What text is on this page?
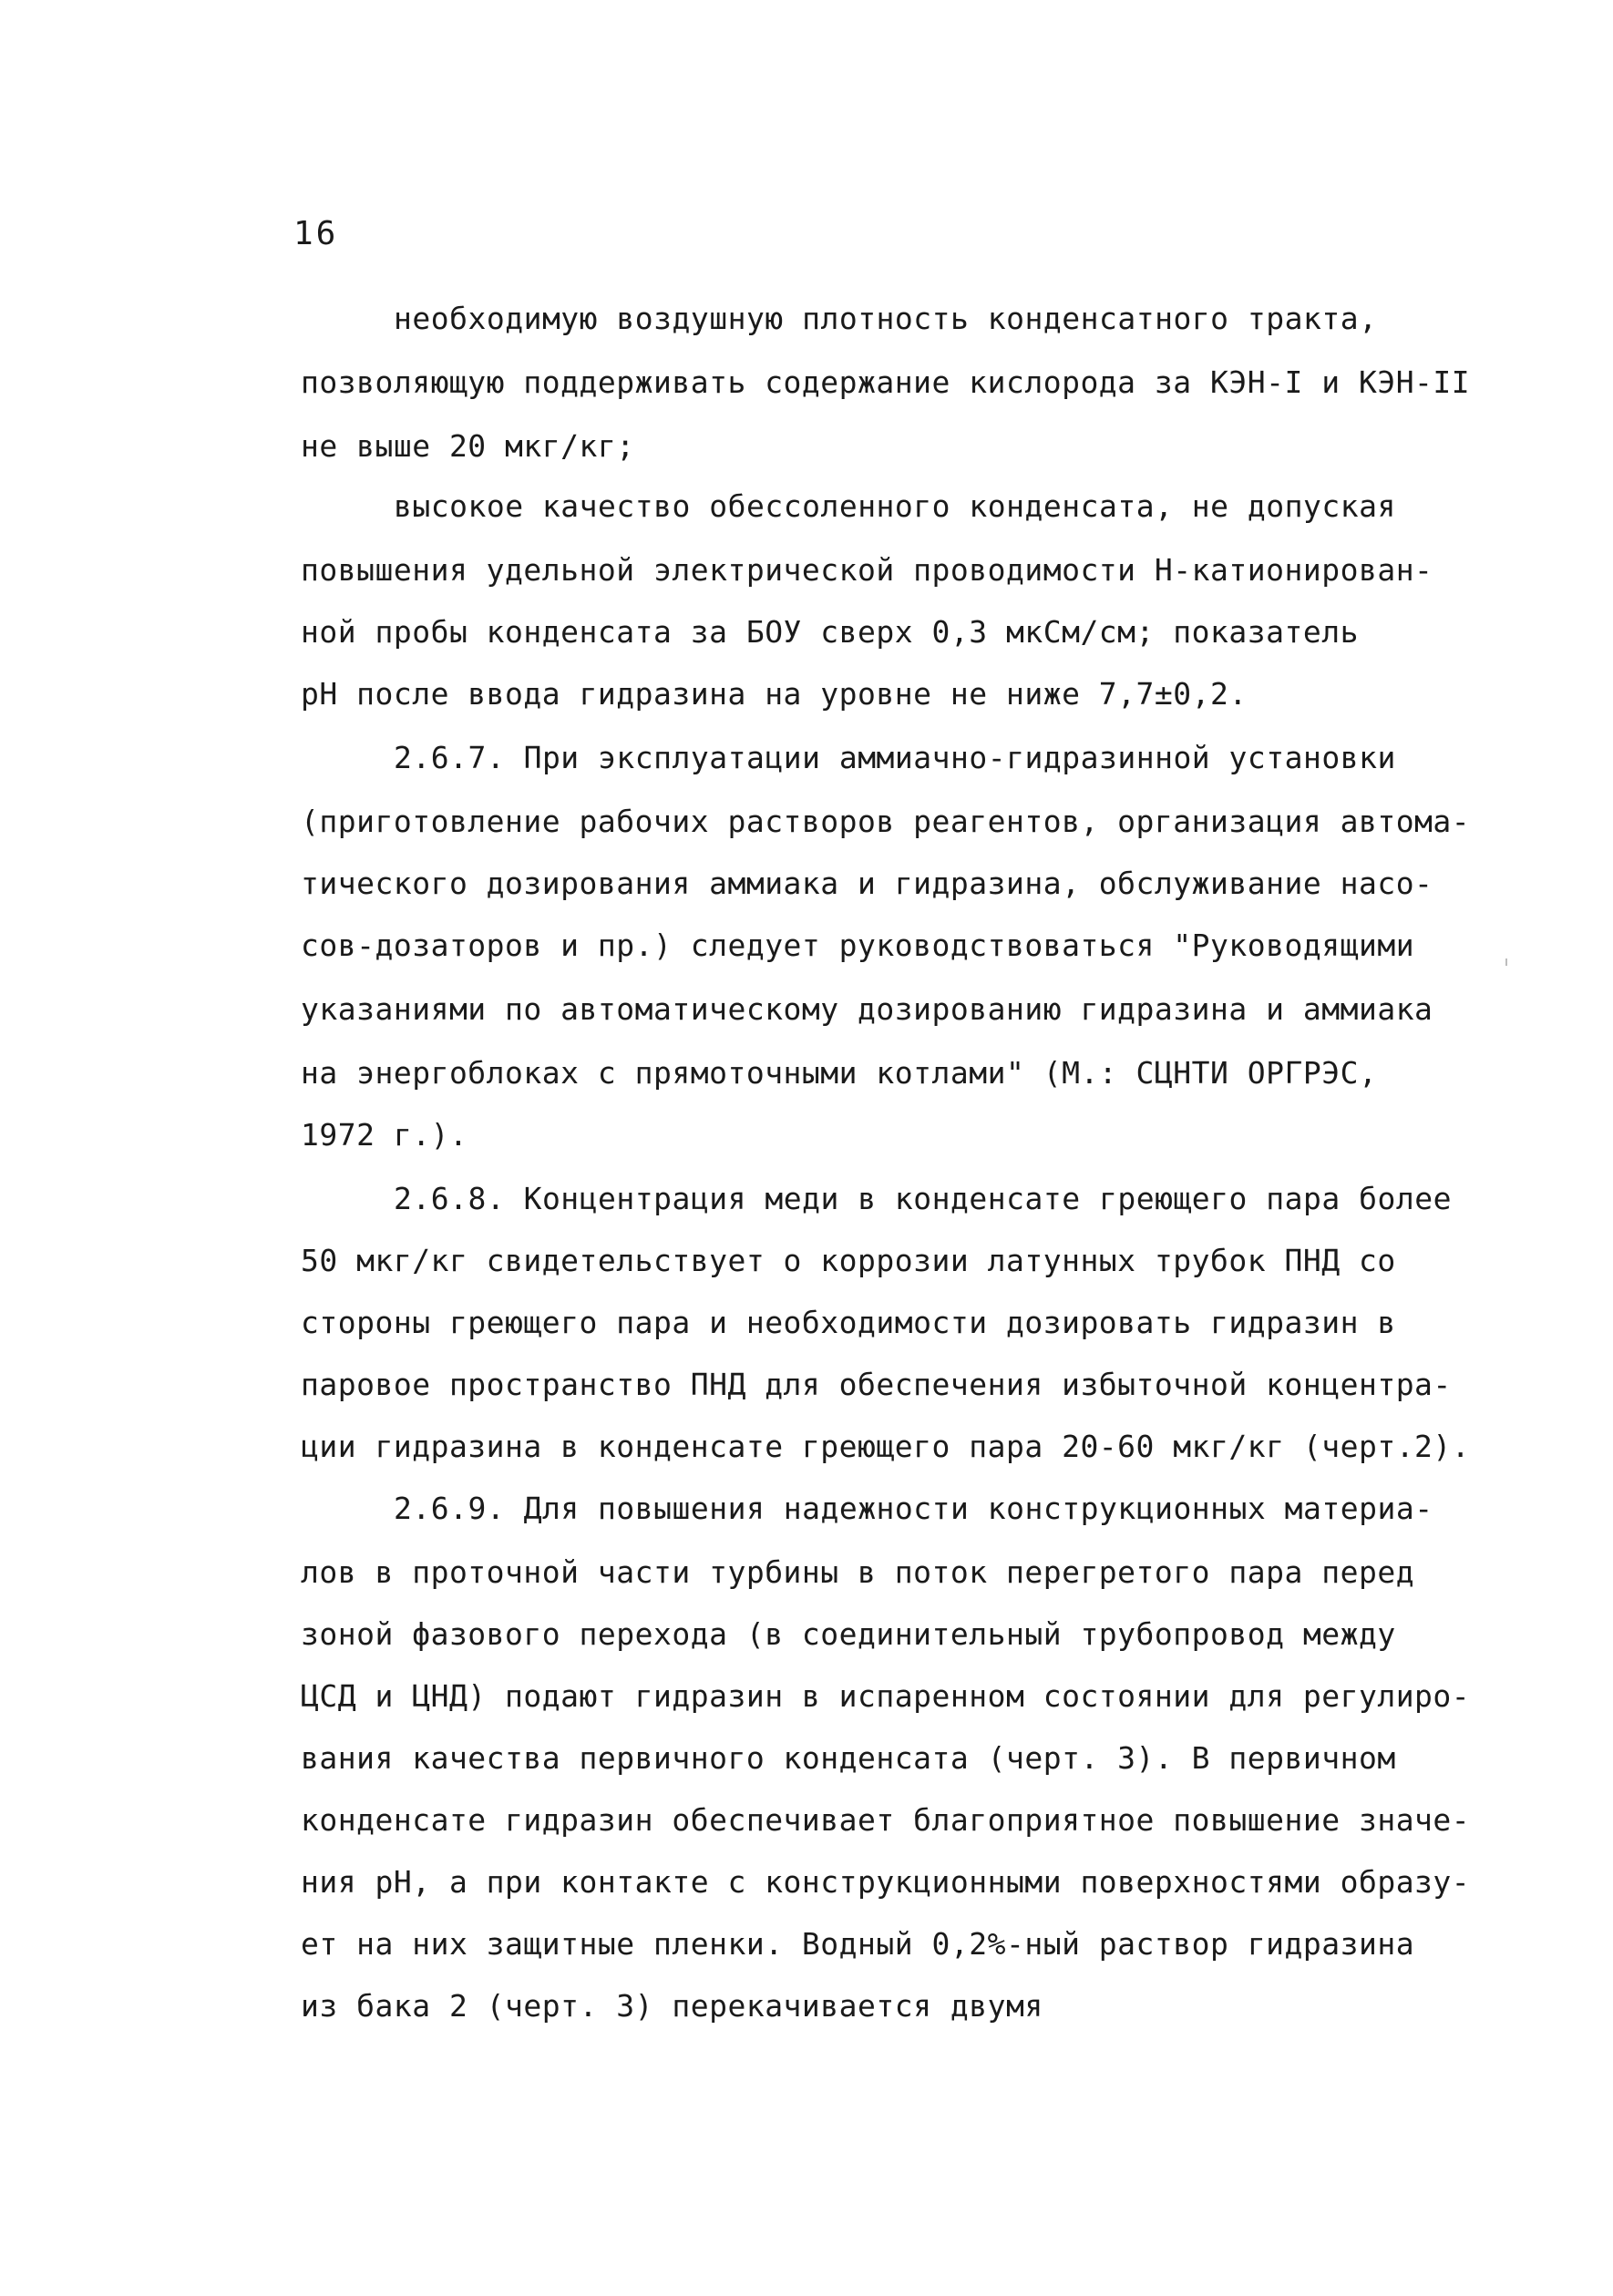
16
необходимую воздушную плотность конденсатного тракта,
позволяющую поддерживать содержание кислорода за КЭН-I и КЭН-II
не выше 20 мкг/кг;
высокое качество обессоленного конденсата, не допуская
повышения удельной электрической проводимости Н-катионирован-
ной пробы конденсата за БОУ сверх 0,3 мкСм/см; показатель
рН после ввода гидразина на уровне не ниже 7,7±0,2.
2.6.7. При эксплуатации аммиачно-гидразинной установки
(приготовление рабочих растворов реагентов, организация автома-
тического дозирования аммиака и гидразина, обслуживание насо-
сов-дозаторов и пр.) следует руководствоваться "Руководящими
указаниями по автоматическому дозированию гидразина и аммиака
на энергоблоках с прямоточными котлами" (М.: СЦНТИ ОРГРЭС,
1972 г.).
2.6.8. Концентрация меди в конденсате греющего пара более
50 мкг/кг свидетельствует о коррозии латунных трубок ПНД со
стороны греющего пара и необходимости дозировать гидразин в
паровое пространство ПНД для обеспечения избыточной концентра-
ции гидразина в конденсате греющего пара 20-60 мкг/кг (черт.2).
2.6.9. Для повышения надежности конструкционных материа-
лов в проточной части турбины в поток перегретого пара перед
зоной фазового перехода (в соединительный трубопровод между
ЦСД и ЦНД) подают гидразин в испаренном состоянии для регулиро-
вания качества первичного конденсата (черт. 3). В первичном
конденсате гидразин обеспечивает благоприятное повышение значе-
ния рН, а при контакте с конструкционными поверхностями образу-
ет на них защитные пленки. Водный 0,2%-ный раствор гидразина
из бака 2 (черт. 3) перекачивается двумя
